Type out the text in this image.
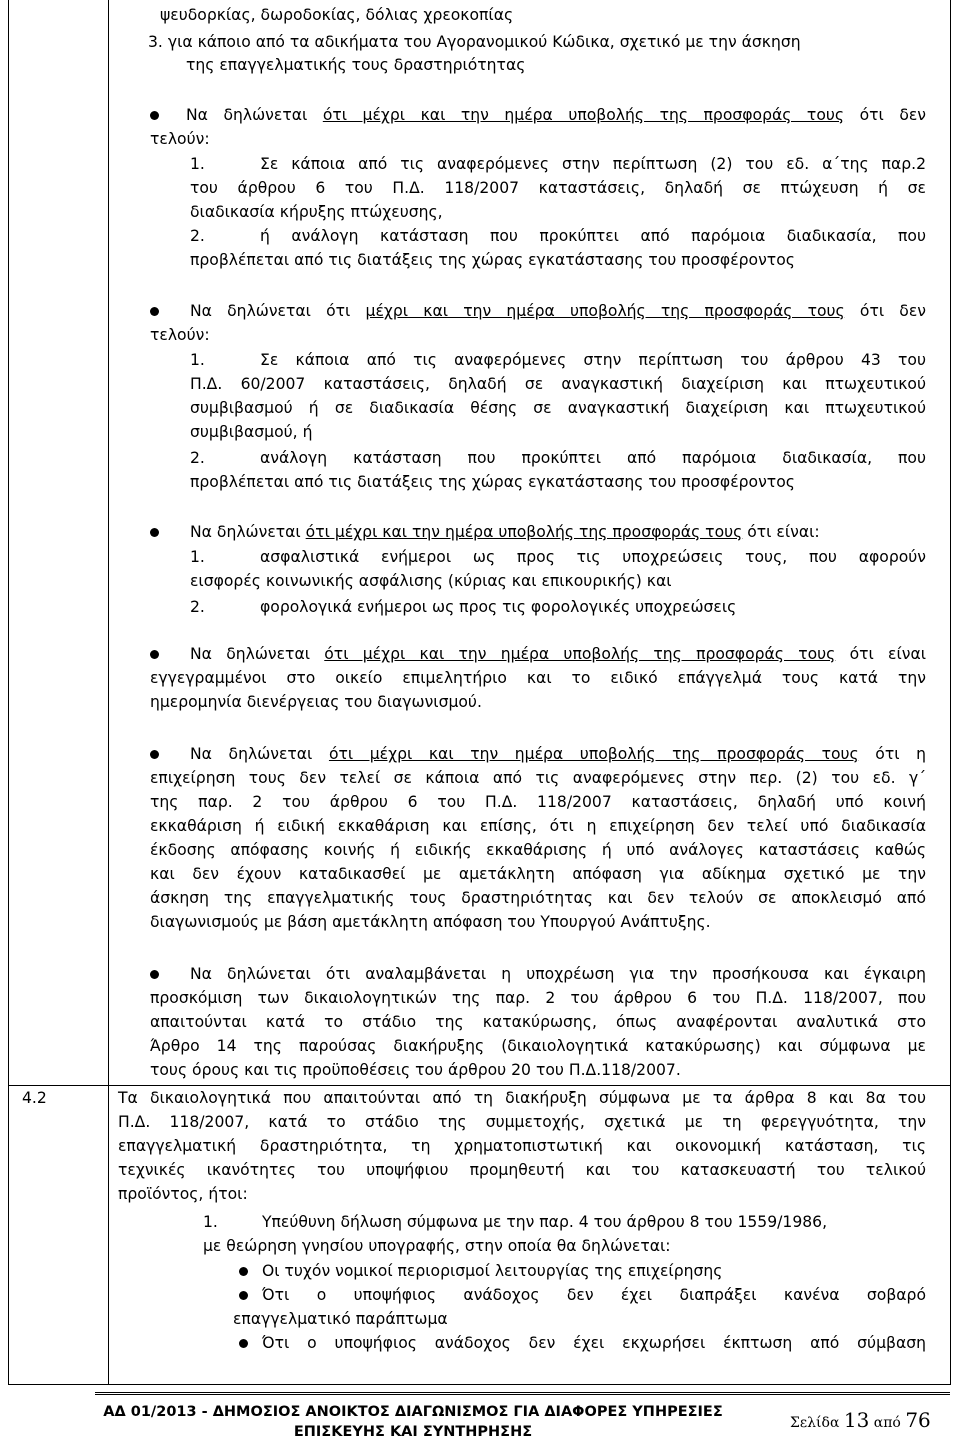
ψευδορκίας, δωροδοκίας, δόλιας χρεοκοπίας
3. για κάποιο από τα αδικήματα του Αγορανομικού Κώδικα, σχετικό με την άσκηση
της επαγγελματικής τους δραστηριότητας
Να δηλώνεται ότι μέχρι και την ημέρα υποβολής της προσφοράς τους ότι δεν
τελούν:
1.	Σε κάποια από τις αναφερόμενες στην περίπτωση (2) του εδ. α΄της παρ.2
του άρθρου 6 του Π.Δ. 118/2007 καταστάσεις, δηλαδή σε πτώχευση ή σε
διαδικασία κήρυξης πτώχευσης,
2.	ή ανάλογη κατάσταση που προκύπτει από παρόμοια διαδικασία, που
προβλέπεται από τις διατάξεις της χώρας εγκατάστασης του προσφέροντος
Να δηλώνεται ότι μέχρι και την ημέρα υποβολής της προσφοράς τους ότι δεν
τελούν:
1.	Σε κάποια από τις αναφερόμενες στην περίπτωση του άρθρου 43 του
Π.Δ. 60/2007 καταστάσεις, δηλαδή σε αναγκαστική διαχείριση και πτωχευτικού
συμβιβασμού ή σε διαδικασία θέσης σε αναγκαστική διαχείριση και πτωχευτικού
συμβιβασμού, ή
2.	ανάλογη κατάσταση που προκύπτει από παρόμοια διαδικασία, που
προβλέπεται από τις διατάξεις της χώρας εγκατάστασης του προσφέροντος
Να δηλώνεται ότι μέχρι και την ημέρα υποβολής της προσφοράς τους ότι είναι:
1.	ασφαλιστικά ενήμεροι ως προς τις υποχρεώσεις τους, που αφορούν
εισφορές κοινωνικής ασφάλισης (κύριας και επικουρικής) και
2.	φορολογικά ενήμεροι ως προς τις φορολογικές υποχρεώσεις
Να δηλώνεται ότι μέχρι και την ημέρα υποβολής της προσφοράς τους ότι είναι
εγγεγραμμένοι στο οικείο επιμελητήριο και το ειδικό επάγγελμά τους κατά την
ημερομηνία διενέργειας του διαγωνισμού.
Να δηλώνεται ότι μέχρι και την ημέρα υποβολής της προσφοράς τους ότι η
επιχείρηση τους δεν τελεί σε κάποια από τις αναφερόμενες στην περ. (2) του εδ. γ΄
της παρ. 2 του άρθρου 6 του Π.Δ. 118/2007 καταστάσεις, δηλαδή υπό κοινή
εκκαθάριση ή ειδική εκκαθάριση και επίσης, ότι η επιχείρηση δεν τελεί υπό διαδικασία
έκδοσης απόφασης κοινής ή ειδικής εκκαθάρισης ή υπό ανάλογες καταστάσεις καθώς
και δεν έχουν καταδικασθεί με αμετάκλητη απόφαση για αδίκημα σχετικό με την
άσκηση της επαγγελματικής τους δραστηριότητας και δεν τελούν σε αποκλεισμό από
διαγωνισμούς με βάση αμετάκλητη απόφαση του Υπουργού Ανάπτυξης.
Να δηλώνεται ότι αναλαμβάνεται η υποχρέωση για την προσήκουσα και έγκαιρη
προσκόμιση των δικαιολογητικών της παρ. 2 του άρθρου 6 του Π.Δ. 118/2007, που
απαιτούνται κατά το στάδιο της κατακύρωσης, όπως αναφέρονται αναλυτικά στο
Άρθρο 14 της παρούσας διακήρυξης (δικαιολογητικά κατακύρωσης) και σύμφωνα με
τους όρους και τις προϋποθέσεις του άρθρου 20 του Π.Δ.118/2007.
4.2	Τα δικαιολογητικά που απαιτούνται από τη διακήρυξη σύμφωνα με τα άρθρα 8 και 8α του
Π.Δ. 118/2007, κατά το στάδιο της συμμετοχής, σχετικά με τη φερεγγυότητα, την
επαγγελματική δραστηριότητα, τη χρηματοπιστωτική και οικονομική κατάσταση, τις
τεχνικές ικανότητες του υποψήφιου προμηθευτή και του κατασκευαστή του τελικού
προϊόντος, ήτοι:
1.	Υπεύθυνη δήλωση σύμφωνα με την παρ. 4 του άρθρου 8 του 1559/1986,
με θεώρηση γνησίου υπογραφής, στην οποία θα δηλώνεται:
Οι τυχόν νομικοί περιορισμοί λειτουργίας της επιχείρησης
Ότι ο υποψήφιος ανάδοχος δεν έχει διαπράξει κανένα σοβαρό
επαγγελματικό παράπτωμα
Ότι ο υποψήφιος ανάδοχος δεν έχει εκχωρήσει έκπτωση από σύμβαση
ΑΔ 01/2013 - ΔΗΜΟΣΙΟΣ ΑΝΟΙΚΤΟΣ ΔΙΑΓΩΝΙΣΜΟΣ ΓΙΑ ΔΙΑΦΟΡΕΣ ΥΠΗΡΕΣΙΕΣ
ΕΠΙΣΚΕΥΗΣ ΚΑΙ ΣΥΝΤΗΡΗΣΗΣ
Σελίδα 13 από 76
